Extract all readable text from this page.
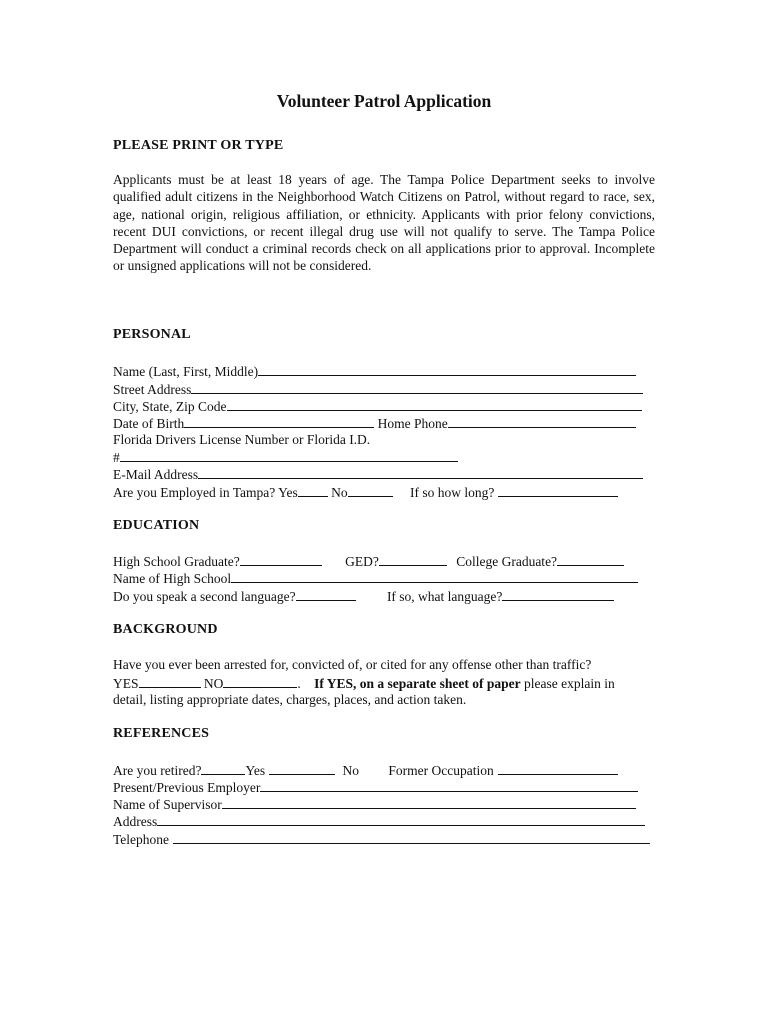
Volunteer Patrol Application
PLEASE PRINT OR TYPE

Applicants must be at least 18 years of age. The Tampa Police Department seeks to involve qualified adult citizens in the Neighborhood Watch Citizens on Patrol, without regard to race, sex, age, national origin, religious affiliation, or ethnicity. Applicants with prior felony convictions, recent DUI convictions, or recent illegal drug use will not qualify to serve. The Tampa Police Department will conduct a criminal records check on all applications prior to approval. Incomplete or unsigned applications will not be considered.

PERSONAL
Name (Last, First, Middle)
Street Address
City, State, Zip Code
Date of Birth	Home Phone
Florida Drivers License Number or Florida I.D.
#
E-Mail Address
Are you Employed in Tampa? Yes No	If so how long?
EDUCATION
High School Graduate?	GED?	College Graduate?
Name of High School
Do you speak a second language?	If so, what language?
BACKGROUND
Have you ever been arrested for, convicted of, or cited for any offense other than traffic?
YES	NO	. If YES, on a separate sheet of paper please explain in
detail, listing appropriate dates, charges, places, and action taken.
REFERENCES
Are you retired?	Yes	No Former Occupation
Present/Previous Employer
Name of Supervisor
Address
Telephone
